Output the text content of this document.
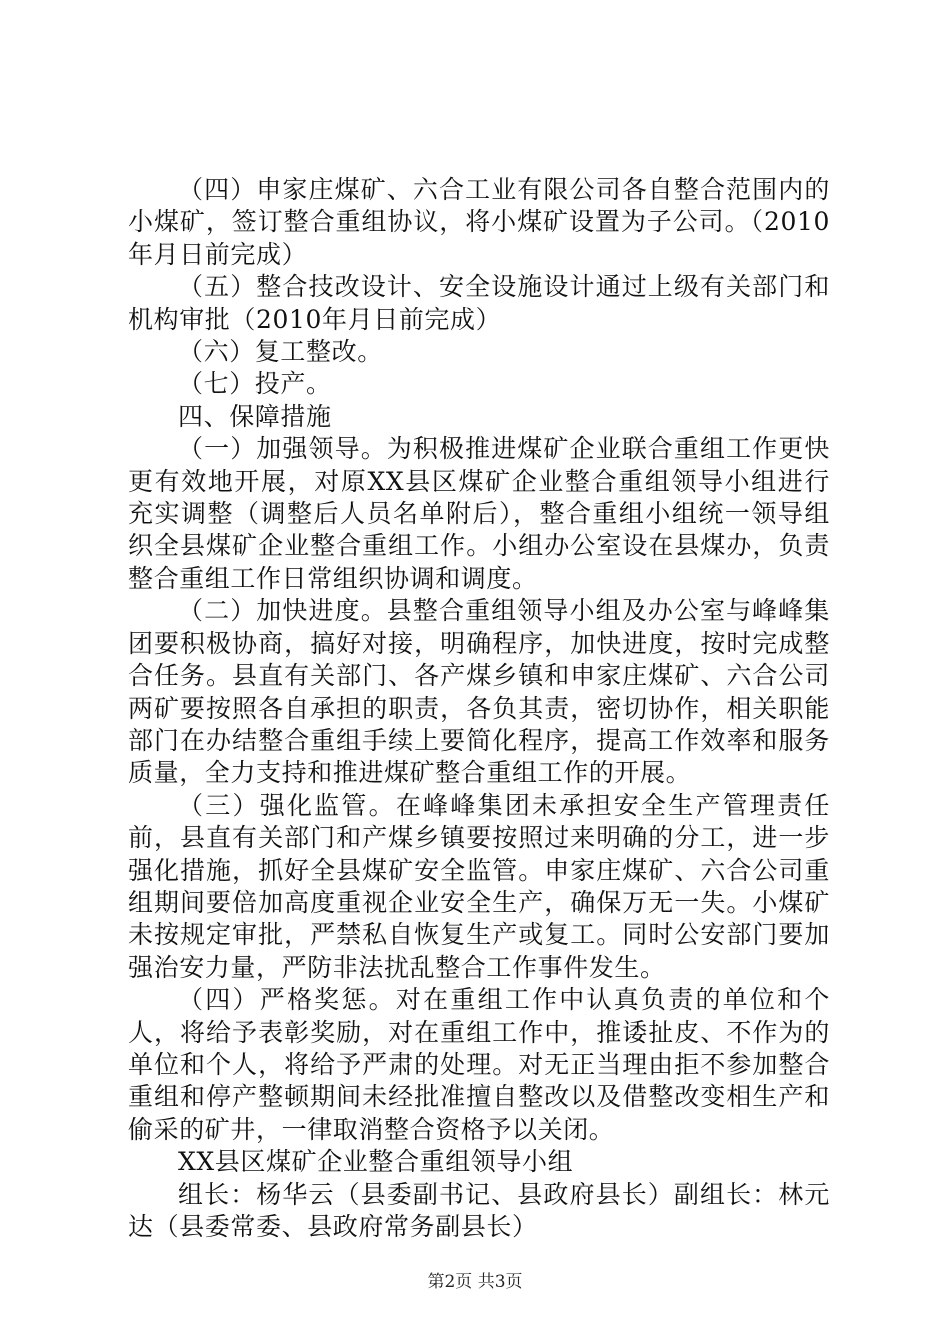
（四）申家庄煤矿、六合工业有限公司各自整合范围内的小煤矿，签订整合重组协议，将小煤矿设置为子公司。（2010年月日前完成）

（五）整合技改设计、安全设施设计通过上级有关部门和机构审批（2010年月日前完成）

（六）复工整改。

（七）投产。

四、保障措施

（一）加强领导。为积极推进煤矿企业联合重组工作更快更有效地开展，对原XX县区煤矿企业整合重组领导小组进行充实调整（调整后人员名单附后），整合重组小组统一领导组织全县煤矿企业整合重组工作。小组办公室设在县煤办，负责整合重组工作日常组织协调和调度。

（二）加快进度。县整合重组领导小组及办公室与峰峰集团要积极协商，搞好对接，明确程序，加快进度，按时完成整合任务。县直有关部门、各产煤乡镇和申家庄煤矿、六合公司两矿要按照各自承担的职责，各负其责，密切协作，相关职能部门在办结整合重组手续上要简化程序，提高工作效率和服务质量，全力支持和推进煤矿整合重组工作的开展。

（三）强化监管。在峰峰集团未承担安全生产管理责任前，县直有关部门和产煤乡镇要按照过来明确的分工，进一步强化措施，抓好全县煤矿安全监管。申家庄煤矿、六合公司重组期间要倍加高度重视企业安全生产，确保万无一失。小煤矿未按规定审批，严禁私自恢复生产或复工。同时公安部门要加强治安力量，严防非法扰乱整合工作事件发生。

（四）严格奖惩。对在重组工作中认真负责的单位和个人，将给予表彰奖励，对在重组工作中，推诿扯皮、不作为的单位和个人，将给予严肃的处理。对无正当理由拒不参加整合重组和停产整顿期间未经批准擅自整改以及借整改变相生产和偷采的矿井，一律取消整合资格予以关闭。

XX县区煤矿企业整合重组领导小组

组长：杨华云（县委副书记、县政府县长）副组长：林元达（县委常委、县政府常务副县长）

第2页 共3页
